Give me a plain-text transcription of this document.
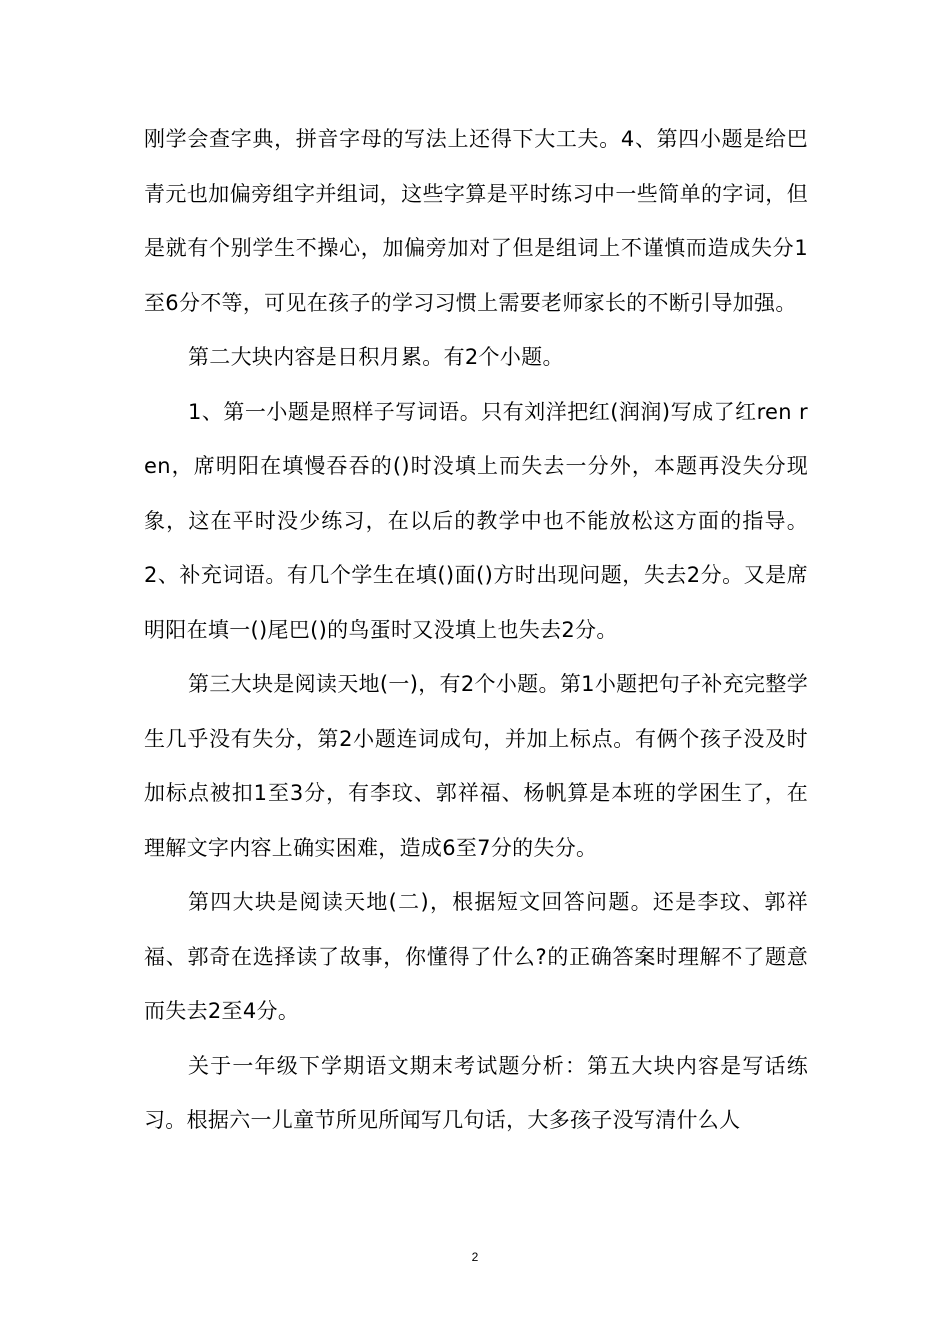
刚学会查字典，拼音字母的写法上还得下大工夫。4、第四小题是给巴青元也加偏旁组字并组词，这些字算是平时练习中一些简单的字词，但是就有个别学生不操心，加偏旁加对了但是组词上不谨慎而造成失分1至6分不等，可见在孩子的学习习惯上需要老师家长的不断引导加强。

第二大块内容是日积月累。有2个小题。

1、第一小题是照样子写词语。只有刘洋把红(润润)写成了红ren ren，席明阳在填慢吞吞的()时没填上而失去一分外，本题再没失分现象，这在平时没少练习，在以后的教学中也不能放松这方面的指导。2、补充词语。有几个学生在填()面()方时出现问题，失去2分。又是席明阳在填一()尾巴()的鸟蛋时又没填上也失去2分。

第三大块是阅读天地(一)，有2个小题。第1小题把句子补充完整学生几乎没有失分，第2小题连词成句，并加上标点。有俩个孩子没及时加标点被扣1至3分，有李玟、郭祥福、杨帆算是本班的学困生了，在理解文字内容上确实困难，造成6至7分的失分。

第四大块是阅读天地(二)，根据短文回答问题。还是李玟、郭祥福、郭奇在选择读了故事，你懂得了什么?的正确答案时理解不了题意而失去2至4分。

关于一年级下学期语文期末考试题分析：第五大块内容是写话练习。根据六一儿童节所见所闻写几句话，大多孩子没写清什么人

2
